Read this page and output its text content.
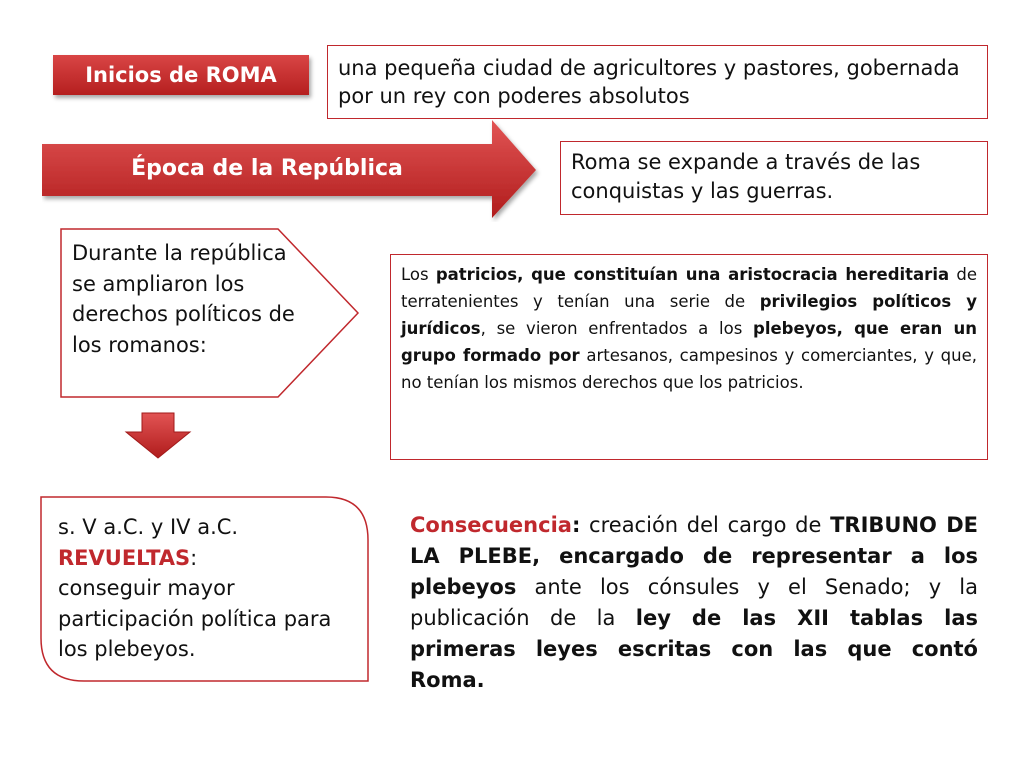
Inicios de ROMA	una pequeña ciudad de agricultores y pastores, gobernada por un rey con poderes absolutos
Época de la República	Roma se expande a través de las conquistas y las guerras.
Durante la república se ampliaron los derechos políticos de los romanos:
Los patricios, que constituían una aristocracia hereditaria de terratenientes y tenían una serie de privilegios políticos y jurídicos, se vieron enfrentados a los plebeyos, que eran un grupo formado por artesanos, campesinos y comerciantes, y que, no tenían los mismos derechos que los patricios.
s. V a.C. y IV a.C.
REVUELTAS:
conseguir mayor participación política para los plebeyos.
Consecuencia: creación del cargo de TRIBUNO DE LA PLEBE, encargado de representar a los plebeyos ante los cónsules y el Senado; y la publicación de la ley de las XII tablas las primeras leyes escritas con las que contó Roma.
